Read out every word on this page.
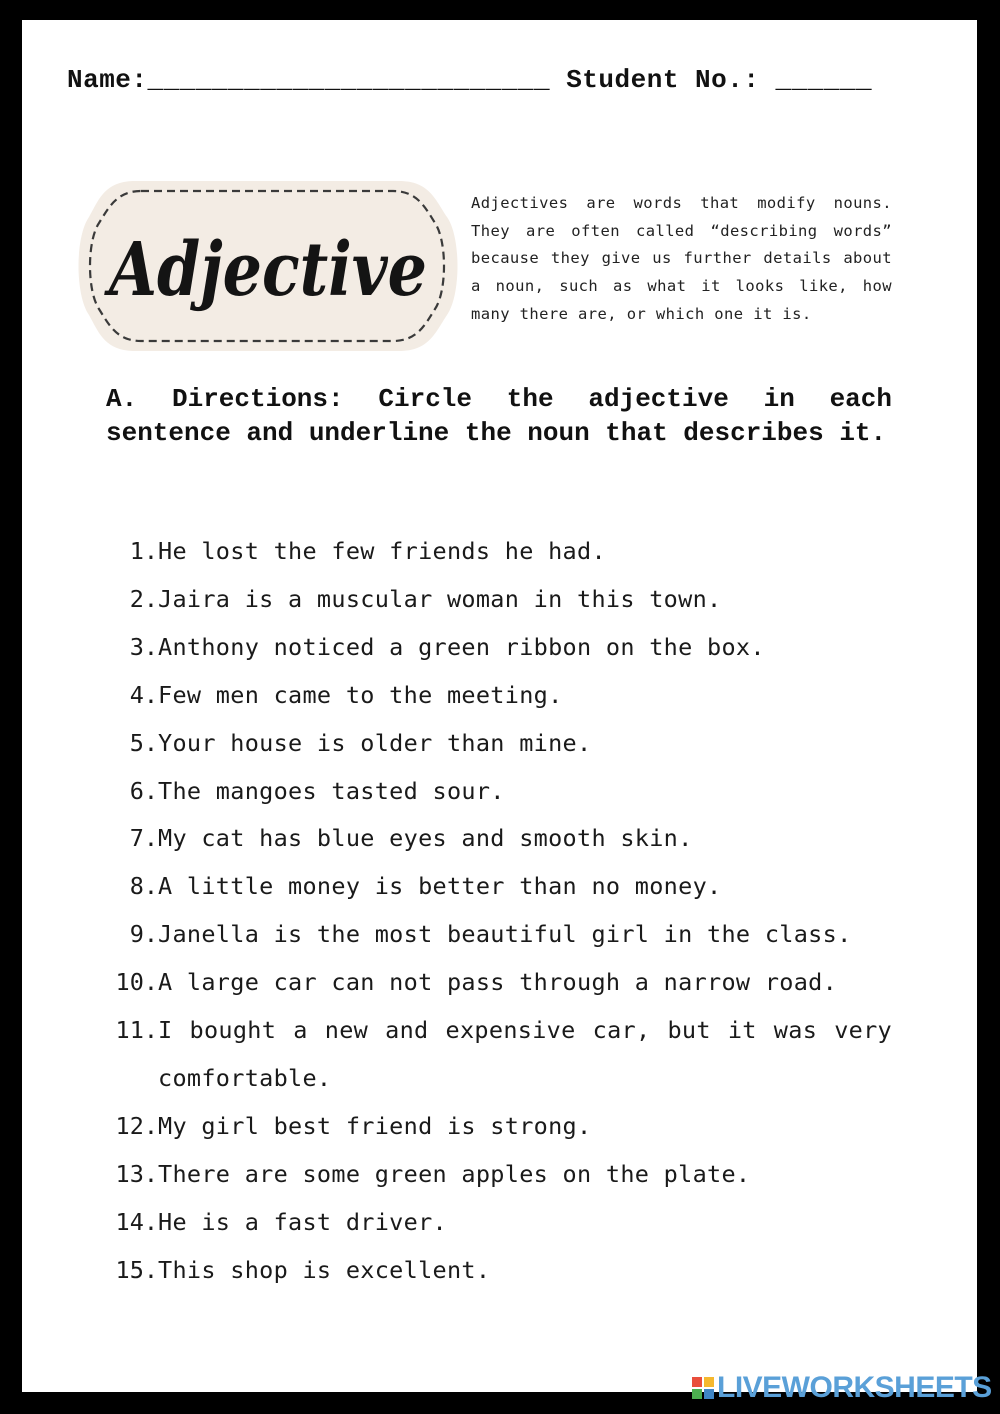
Name:_________________________ Student No.: ______
Adjective
Adjectives are words that modify nouns. They are often called “describing words” because they give us further details about a noun, such as what it looks like, how many there are, or which one it is.
A. Directions: Circle the adjective in each sentence and underline the noun that describes it.
1. He lost the few friends he had.
2. Jaira is a muscular woman in this town.
3. Anthony noticed a green ribbon on the box.
4. Few men came to the meeting.
5. Your house is older than mine.
6. The mangoes tasted sour.
7. My cat has blue eyes and smooth skin.
8. A little money is better than no money.
9. Janella is the most beautiful girl in the class.
10. A large car can not pass through a narrow road.
11. I bought a new and expensive car, but it was very comfortable.
12. My girl best friend is strong.
13. There are some green apples on the plate.
14. He is a fast driver.
15. This shop is excellent.
LIVEWORKSHEETS
